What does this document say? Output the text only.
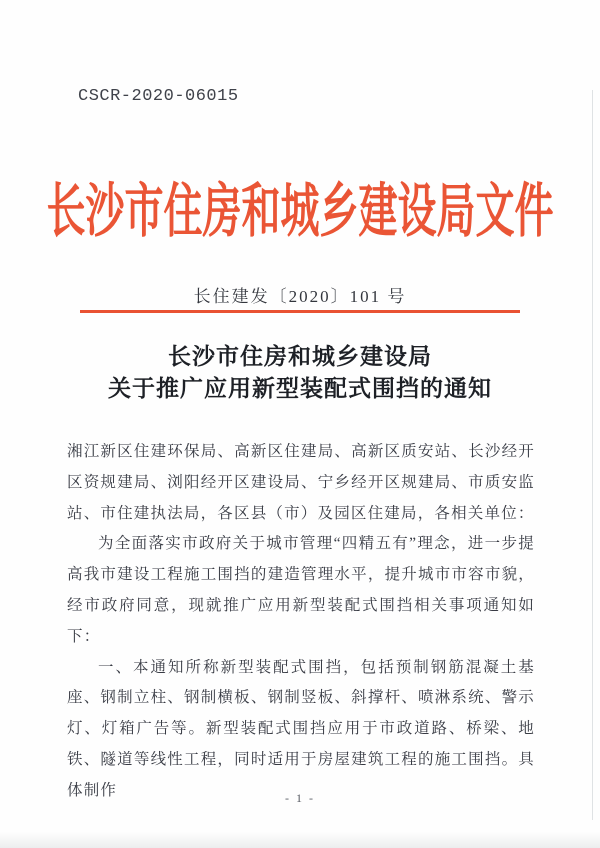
CSCR-2020-06015
长沙市住房和城乡建设局文件
长住建发〔2020〕101 号
长沙市住房和城乡建设局
关于推广应用新型装配式围挡的通知

湘江新区住建环保局、高新区住建局、高新区质安站、长沙经开区资规建局、浏阳经开区建设局、宁乡经开区规建局、市质安监站、市住建执法局，各区县（市）及园区住建局，各相关单位：

为全面落实市政府关于城市管理“四精五有”理念，进一步提高我市建设工程施工围挡的建造管理水平，提升城市市容市貌，经市政府同意，现就推广应用新型装配式围挡相关事项通知如下：

一、本通知所称新型装配式围挡，包括预制钢筋混凝土基座、钢制立柱、钢制横板、钢制竖板、斜撑杆、喷淋系统、警示灯、灯箱广告等。新型装配式围挡应用于市政道路、桥梁、地铁、隧道等线性工程，同时适用于房屋建筑工程的施工围挡。具体制作	- 1 -
